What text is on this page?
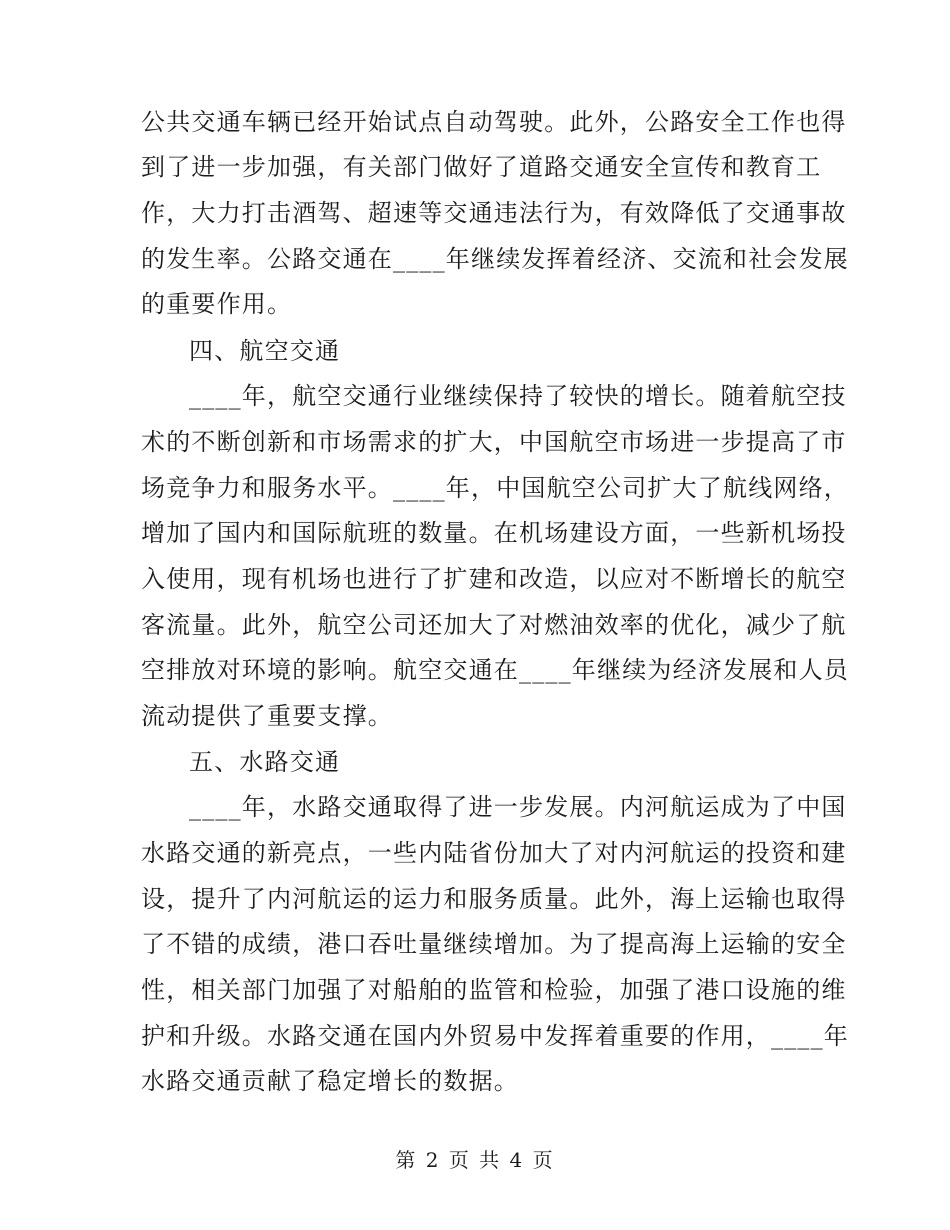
公共交通车辆已经开始试点自动驾驶。此外，公路安全工作也得
到了进一步加强，有关部门做好了道路交通安全宣传和教育工
作，大力打击酒驾、超速等交通违法行为，有效降低了交通事故
的发生率。公路交通在____年继续发挥着经济、交流和社会发展
的重要作用。
四、航空交通
____年，航空交通行业继续保持了较快的增长。随着航空技
术的不断创新和市场需求的扩大，中国航空市场进一步提高了市
场竞争力和服务水平。____年，中国航空公司扩大了航线网络，
增加了国内和国际航班的数量。在机场建设方面，一些新机场投
入使用，现有机场也进行了扩建和改造，以应对不断增长的航空
客流量。此外，航空公司还加大了对燃油效率的优化，减少了航
空排放对环境的影响。航空交通在____年继续为经济发展和人员
流动提供了重要支撑。
五、水路交通
____年，水路交通取得了进一步发展。内河航运成为了中国
水路交通的新亮点，一些内陆省份加大了对内河航运的投资和建
设，提升了内河航运的运力和服务质量。此外，海上运输也取得
了不错的成绩，港口吞吐量继续增加。为了提高海上运输的安全
性，相关部门加强了对船舶的监管和检验，加强了港口设施的维
护和升级。水路交通在国内外贸易中发挥着重要的作用，____年
水路交通贡献了稳定增长的数据。
第 2 页 共 4 页
